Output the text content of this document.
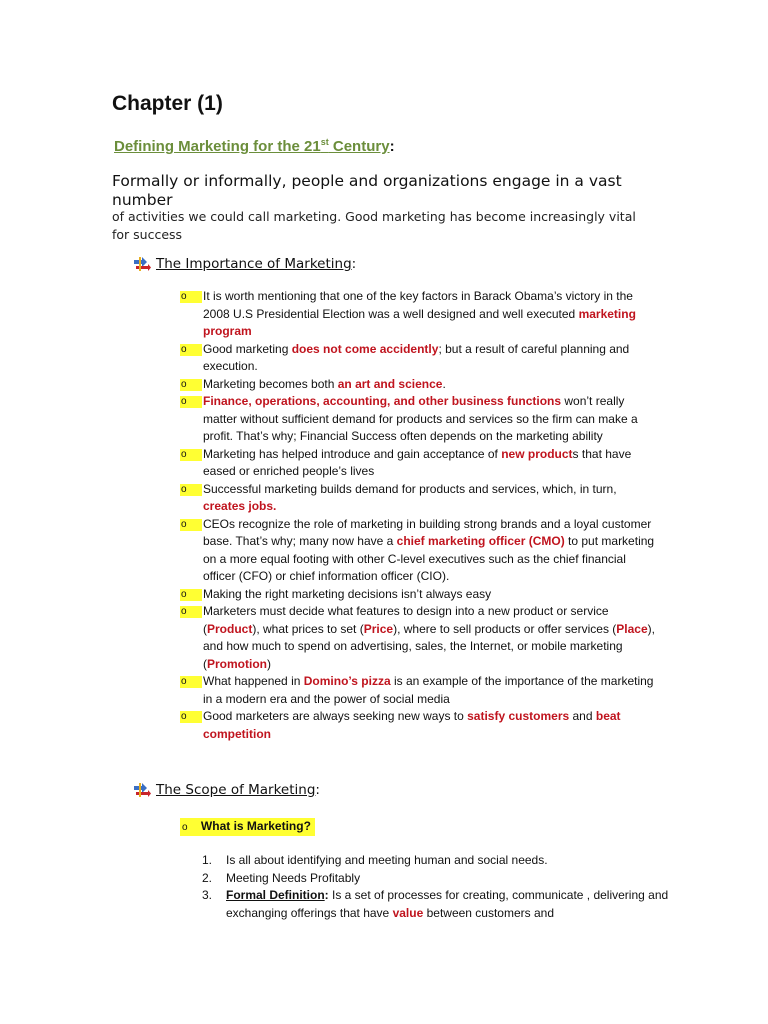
Chapter (1)
Defining Marketing for the 21st Century:
Formally or informally, people and organizations engage in a vast number
of activities we could call marketing. Good marketing has become increasingly vital for success
The Importance of Marketing :
o	It is worth mentioning that one of the key factors in Barack Obama’s victory in the 2008 U.S Presidential Election was a well designed and well executed marketing program
o	Good marketing does not come accidently; but a result of careful planning and execution.
o	Marketing becomes both an art and science.
o	Finance, operations, accounting, and other business functions won’t really matter without sufficient demand for products and services so the firm can make a profit. That’s why; Financial Success often depends on the marketing ability
o	Marketing has helped introduce and gain acceptance of new products that have eased or enriched people’s lives
o	Successful marketing builds demand for products and services, which, in turn, creates jobs.
o	CEOs recognize the role of marketing in building strong brands and a loyal customer base. That’s why; many now have a chief marketing officer (CMO) to put marketing on a more equal footing with other C-level executives such as the chief financial officer (CFO) or chief information officer (CIO).
o	Making the right marketing decisions isn’t always easy
o	Marketers must decide what features to design into a new product or service (Product), what prices to set (Price), where to sell products or offer services (Place), and how much to spend on advertising, sales, the Internet, or mobile marketing (Promotion)
o	What happened in Domino’s pizza is an example of the importance of the marketing in a modern era and the power of social media
o	Good marketers are always seeking new ways to satisfy customers and beat competition
The Scope of Marketing :
o What is Marketing?
1. Is all about identifying and meeting human and social needs.
2. Meeting Needs Profitably
3. Formal Definition: Is a set of processes for creating, communicate , delivering and exchanging offerings that have value between customers and
